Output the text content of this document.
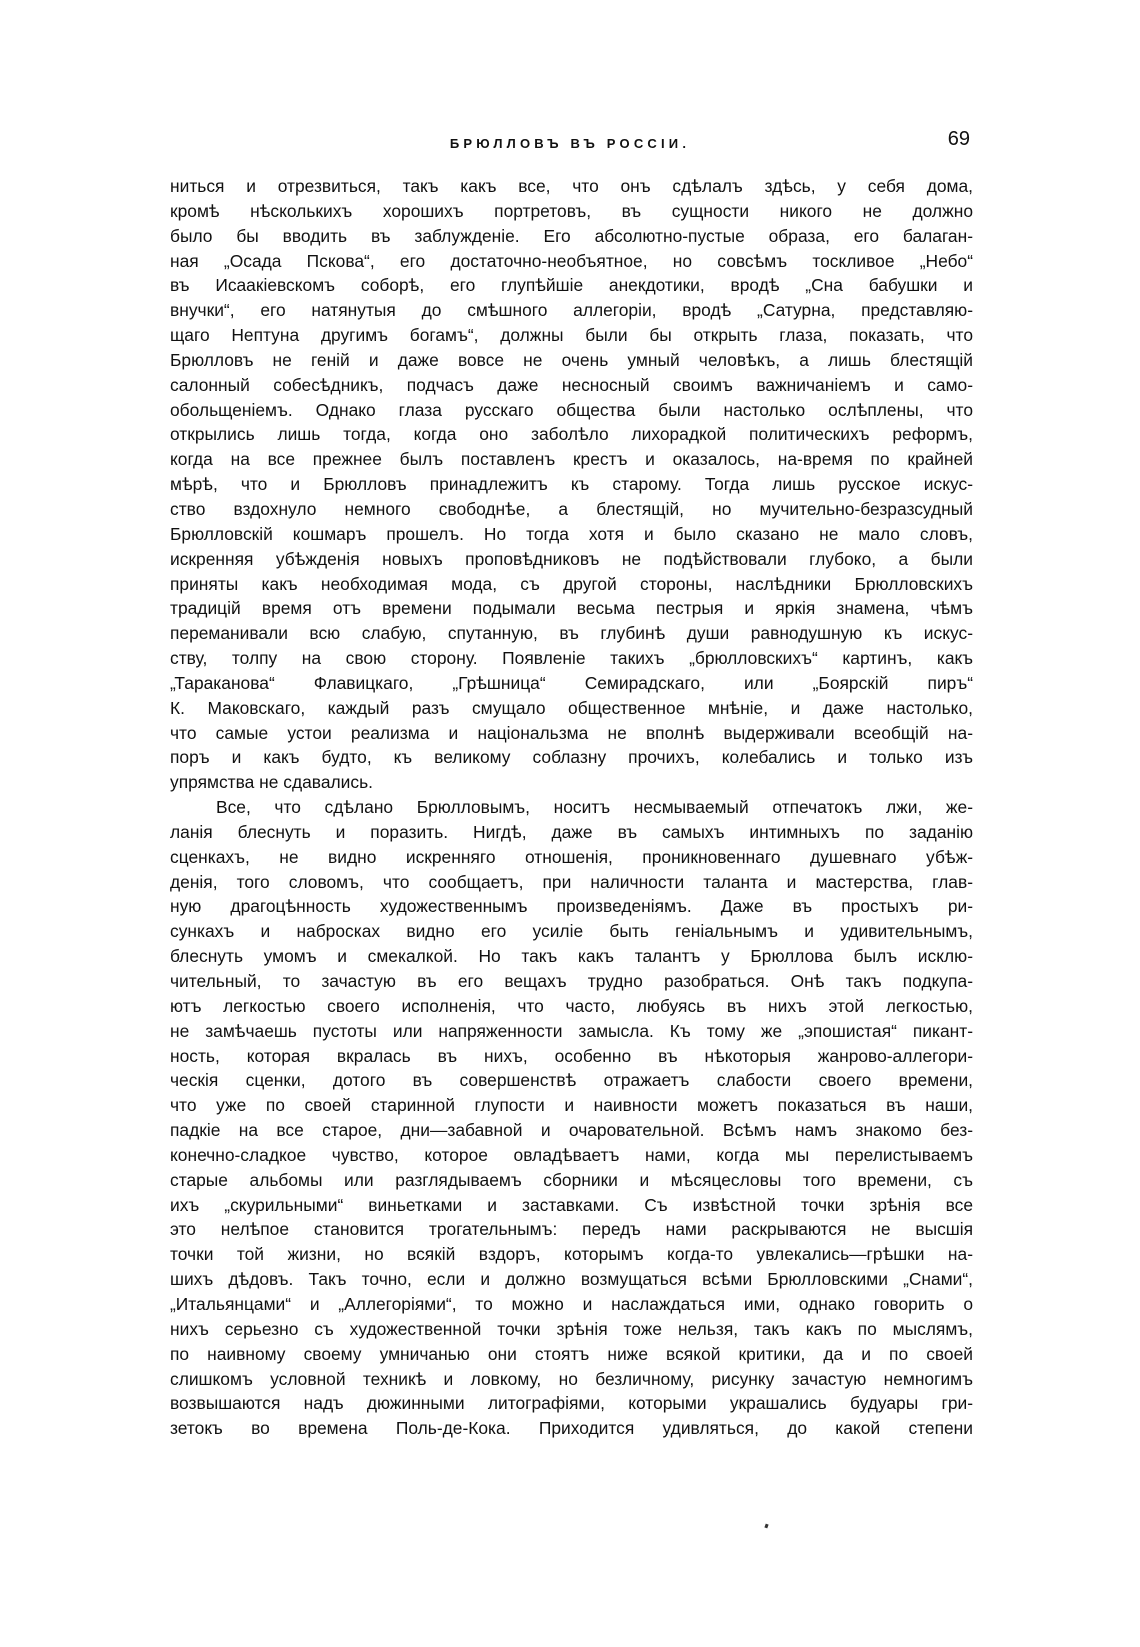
БРЮЛЛОВЪ ВЪ РОССIИ.	69
ниться и отрезвиться, такъ какъ все, что онъ сдѣлалъ здѣсь, у себя дома,
кромѣ нѣсколькихъ хорошихъ портретовъ, въ сущности никого не должно
было бы вводить въ заблужденіе. Его абсолютно-пустые образа, его балаган-
ная „Осада Пскова“, его достаточно-необъятное, но совсѣмъ тоскливое „Небо“
въ Исаакіевскомъ соборѣ, его глупѣйшіе анекдотики, вродѣ „Сна бабушки и
внучки“, его натянутыя до смѣшного аллегоріи, вродѣ „Сатурна, представляю-
щаго Нептуна другимъ богамъ“, должны были бы открыть глаза, показать, что
Брюлловъ не геній и даже вовсе не очень умный человѣкъ, а лишь блестящій
салонный собесѣдникъ, подчасъ даже несносный своимъ важничаніемъ и само-
обольщеніемъ. Однако глаза русскаго общества были настолько ослѣплены, что
открылись лишь тогда, когда оно заболѣло лихорадкой политическихъ реформъ,
когда на все прежнее былъ поставленъ крестъ и оказалось, на-время по крайней
мѣрѣ, что и Брюлловъ принадлежитъ къ старому. Тогда лишь русское искус-
ство вздохнуло немного свободнѣе, а блестящій, но мучительно-безразсудный
Брюлловскій кошмаръ прошелъ. Но тогда хотя и было сказано не мало словъ,
искренняя убѣжденія новыхъ проповѣдниковъ не подѣйствовали глубоко, а были
приняты какъ необходимая мода, съ другой стороны, наслѣдники Брюлловскихъ
традицій время отъ времени подымали весьма пестрыя и яркія знамена, чѣмъ
переманивали всю слабую, спутанную, въ глубинѣ души равнодушную къ искус-
ству, толпу на свою сторону. Появленіе такихъ „брюлловскихъ“ картинъ, какъ
„Тараканова“ Флавицкаго, „Грѣшница“ Семирадскаго, или „Боярскій пиръ“
К. Маковскаго, каждый разъ смущало общественное мнѣніе, и даже настолько,
что самые устои реализма и національзма не вполнѣ выдерживали всеобщій на-
поръ и какъ будто, къ великому соблазну прочихъ, колебались и только изъ
упрямства не сдавались.
Все, что сдѣлано Брюлловымъ, носитъ несмываемый отпечатокъ лжи, же-
ланія блеснуть и поразить. Нигдѣ, даже въ самыхъ интимныхъ по заданію
сценкахъ, не видно искренняго отношенія, проникновеннаго душевнаго убѣж-
денія, того словомъ, что сообщаетъ, при наличности таланта и мастерства, глав-
ную драгоцѣнность художественнымъ произведеніямъ. Даже въ простыхъ ри-
сункахъ и набросках видно его усиліе быть геніальнымъ и удивительнымъ,
блеснуть умомъ и смекалкой. Но такъ какъ талантъ у Брюллова былъ исклю-
чительный, то зачастую въ его вещахъ трудно разобраться. Онѣ такъ подкупа-
ютъ легкостью своего исполненія, что часто, любуясь въ нихъ этой легкостью,
не замѣчаешь пустоты или напряженности замысла. Къ тому же „эпошистая“ пикант-
ность, которая вкралась въ нихъ, особенно въ нѣкоторыя жанрово-аллегори-
ческія сценки, дотого въ совершенствѣ отражаетъ слабости своего времени,
что уже по своей старинной глупости и наивности можетъ показаться въ наши,
падкіе на все старое, дни—забавной и очаровательной. Всѣмъ намъ знакомо без-
конечно-сладкое чувство, которое овладѣваетъ нами, когда мы перелистываемъ
старые альбомы или разглядываемъ сборники и мѣсяцесловы того времени, съ
ихъ „скурильными“ виньетками и заставками. Съ извѣстной точки зрѣнія все
это нелѣпое становится трогательнымъ: передъ нами раскрываются не высшія
точки той жизни, но всякій вздоръ, которымъ когда-то увлекались—грѣшки на-
шихъ дѣдовъ. Такъ точно, если и должно возмущаться всѣми Брюлловскими „Снами“,
„Итальянцами“ и „Аллегоріями“, то можно и наслаждаться ими, однако говорить о
нихъ серьезно съ художественной точки зрѣнія тоже нельзя, такъ какъ по мыслямъ,
по наивному своему умничанью они стоятъ ниже всякой критики, да и по своей
слишкомъ условной техникѣ и ловкому, но безличному, рисунку зачастую немногимъ
возвышаются надъ дюжинными литографіями, которыми украшались будуары гри-
зетокъ во времена Поль-де-Кока. Приходится удивляться, до какой степени
